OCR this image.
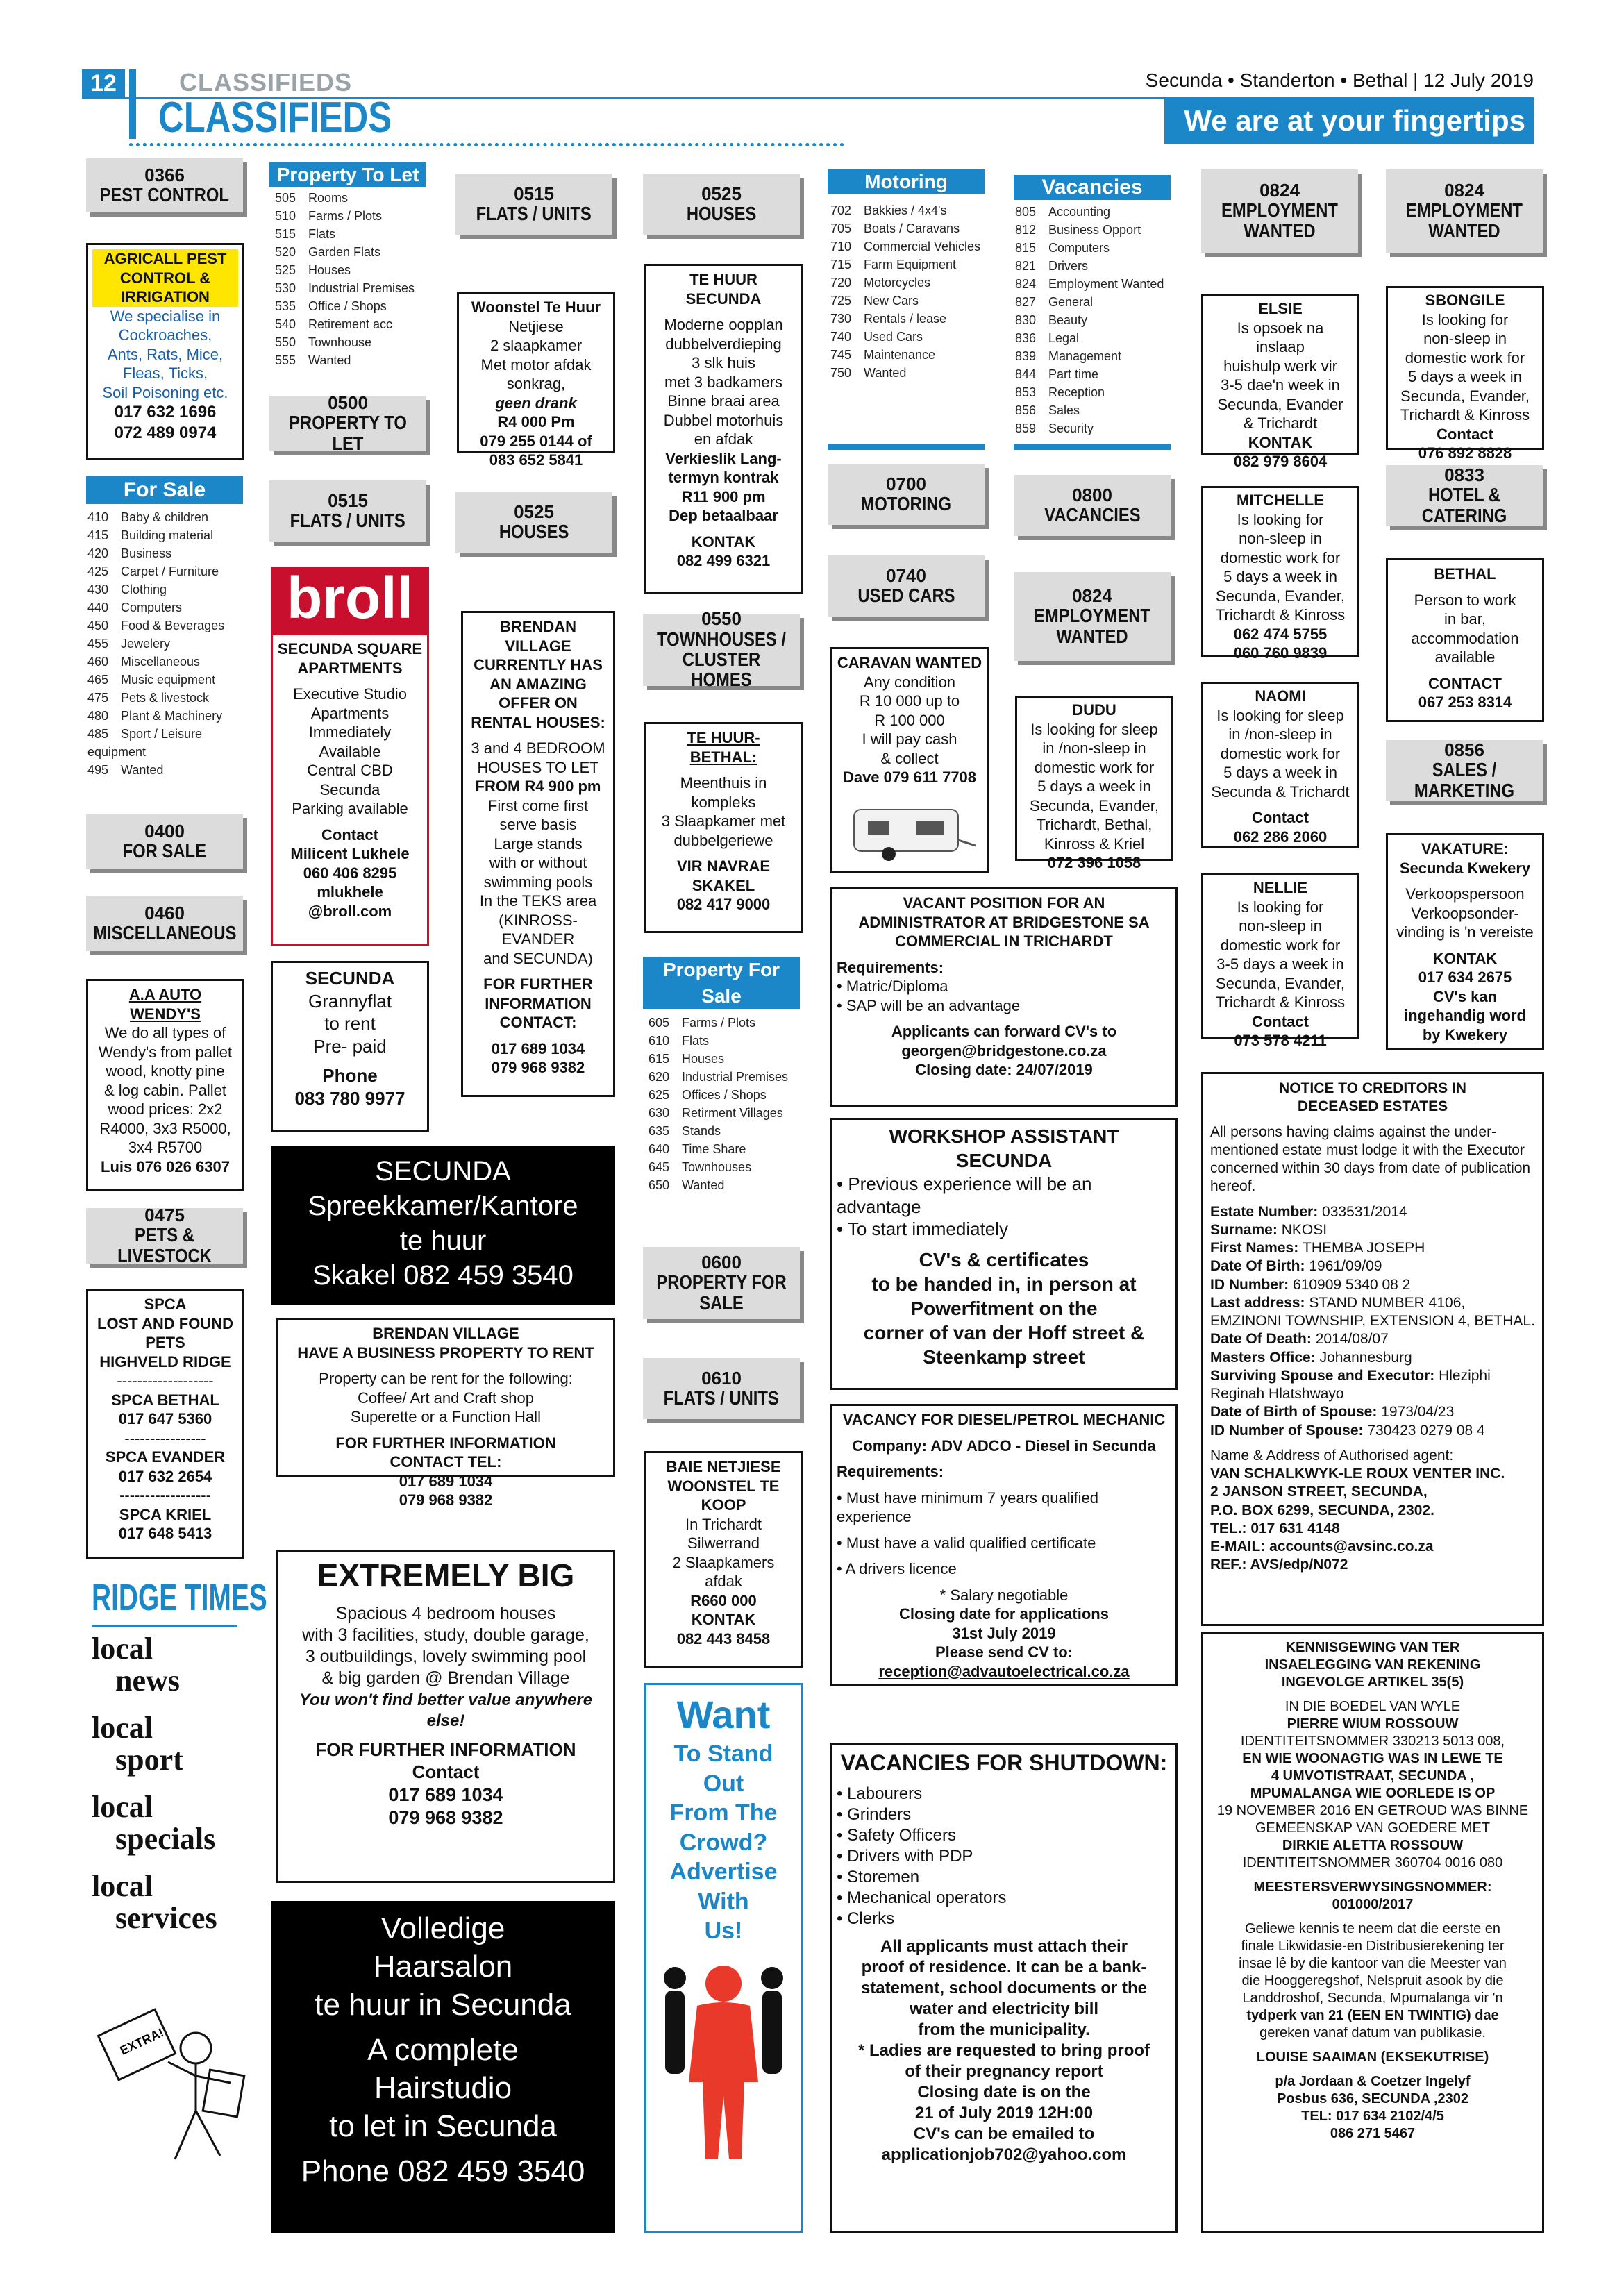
12	CLASSIFIEDS
CLASSIFIEDS
Secunda • Standerton • Bethal | 12 July 2019
We are at your fingertips
0366
PEST CONTROL
AGRICALL PEST
CONTROL &
IRRIGATION
We specialise in
Cockroaches,
Ants, Rats, Mice,
Fleas, Ticks,
Soil Poisoning etc.
017 632 1696
072 489 0974
For Sale
410 Baby & children
415 Building material
420 Business
425 Carpet / Furniture
430 Clothing
440 Computers
450 Food & Beverages
455 Jewelery
460 Miscellaneous
465 Music equipment
475 Pets & livestock
480 Plant & Machinery
485 Sport / Leisure equipment
495 Wanted
0400
FOR SALE
0460
MISCELLANEOUS
A.A AUTO
WENDY'S
We do all types of
Wendy's from pallet
wood, knotty pine
& log cabin. Pallet
wood prices: 2x2
R4000, 3x3 R5000,
3x4 R5700
Luis 076 026 6307
0475
PETS & LIVESTOCK
SPCA
LOST AND FOUND
PETS
HIGHVELD RIDGE
-------------------
SPCA BETHAL
017 647 5360
----------------
SPCA EVANDER
017 632 2654
------------------
SPCA KRIEL
017 648 5413
RIDGE TIMES
local
news
local
sport
local
specials
local
services
EXTRA!
Property To Let
505 Rooms
510 Farms / Plots
515 Flats
520 Garden Flats
525 Houses
530 Industrial Premises
535 Office / Shops
540 Retirement acc
550 Townhouse
555 Wanted
0500
PROPERTY TO LET
0515
FLATS / UNITS
broll
SECUNDA SQUARE
APARTMENTS
Executive Studio
Apartments
Immediately
Available
Central CBD
Secunda
Parking available
Contact
Milicent Lukhele
060 406 8295
mlukhele
@broll.com
SECUNDA
Grannyflat
to rent
Pre- paid
Phone
083 780 9977
SECUNDA
Spreekkamer/Kantore
te huur
Skakel 082 459 3540
BRENDAN VILLAGE
HAVE A BUSINESS PROPERTY TO RENT
Property can be rent for the following:
Coffee/ Art and Craft shop
Superette or a Function Hall
FOR FURTHER INFORMATION
CONTACT TEL:
017 689 1034
079 968 9382
EXTREMELY BIG
Spacious 4 bedroom houses
with 3 facilities, study, double garage,
3 outbuildings, lovely swimming pool
& big garden @ Brendan Village
You won't find better value anywhere else!
FOR FURTHER INFORMATION
Contact
017 689 1034
079 968 9382
Volledige
Haarsalon
te huur in Secunda
A complete
Hairstudio
to let in Secunda
Phone 082 459 3540
0515
FLATS / UNITS
Woonstel Te Huur
Netjiese
2 slaapkamer
Met motor afdak
sonkrag,
geen drank
R4 000 Pm
079 255 0144 of
083 652 5841
0525
HOUSES
BRENDAN
VILLAGE
CURRENTLY HAS
AN AMAZING
OFFER ON
RENTAL HOUSES:
3 and 4 BEDROOM
HOUSES TO LET
FROM R4 900 pm
First come first
serve basis
Large stands
with or without
swimming pools
In the TEKS area
(KINROSS-EVANDER
and SECUNDA)
FOR FURTHER
INFORMATION
CONTACT:
017 689 1034
079 968 9382
0525
HOUSES
TE HUUR
SECUNDA
Moderne oopplan
dubbelverdieping
3 slk huis
met 3 badkamers
Binne braai area
Dubbel motorhuis
en afdak
Verkieslik Lang-
termyn kontrak
R11 900 pm
Dep betaalbaar
KONTAK
082 499 6321
0550
TOWNHOUSES / CLUSTER HOMES
TE HUUR-
BETHAL:
Meenthuis in
kompleks
3 Slaapkamer met
dubbelgeriewe
VIR NAVRAE
SKAKEL
082 417 9000
Property For Sale
605 Farms / Plots
610 Flats
615 Houses
620 Industrial Premises
625 Offices / Shops
630 Retirment Villages
635 Stands
640 Time Share
645 Townhouses
650 Wanted
0600
PROPERTY FOR SALE
0610
FLATS / UNITS
BAIE NETJIESE
WOONSTEL TE
KOOP
In Trichardt
Silwerrand
2 Slaapkamers
afdak
R660 000
KONTAK
082 443 8458
Want
To Stand
Out
From The
Crowd?
Advertise
With
Us!
Motoring
702 Bakkies / 4x4's
705 Boats / Caravans
710 Commercial Vehicles
715 Farm Equipment
720 Motorcycles
725 New Cars
730 Rentals / lease
740 Used Cars
745 Maintenance
750 Wanted
0700
MOTORING
0740
USED CARS
CARAVAN WANTED
Any condition
R 10 000 up to
R 100 000
I will pay cash
& collect
Dave 079 611 7708
VACANT POSITION FOR AN
ADMINISTRATOR AT BRIDGESTONE SA
COMMERCIAL IN TRICHARDT
Requirements:
• Matric/Diploma
• SAP will be an advantage
Applicants can forward CV's to
georgen@bridgestone.co.za
Closing date: 24/07/2019
WORKSHOP ASSISTANT
SECUNDA
• Previous experience will be an
advantage
• To start immediately
CV's & certificates
to be handed in, in person at
Powerfitment on the
corner of van der Hoff street &
Steenkamp street
VACANCY FOR DIESEL/PETROL MECHANIC
Company: ADV ADCO - Diesel in Secunda
Requirements:
• Must have minimum 7 years qualified
experience
• Must have a valid qualified certificate
• A drivers licence
* Salary negotiable
Closing date for applications
31st July 2019
Please send CV to:
reception@advautoelectrical.co.za
VACANCIES FOR SHUTDOWN:
• Labourers
• Grinders
• Safety Officers
• Drivers with PDP
• Storemen
• Mechanical operators
• Clerks
All applicants must attach their
proof of residence. It can be a bank-
statement, school documents or the
water and electricity bill
from the municipality.
* Ladies are requested to bring proof
of their pregnancy report
Closing date is on the
21 of July 2019 12H:00
CV's can be emailed to
applicationjob702@yahoo.com
Vacancies
805 Accounting
812 Business Opport
815 Computers
821 Drivers
824 Employment Wanted
827 General
830 Beauty
836 Legal
839 Management
844 Part time
853 Reception
856 Sales
859 Security
0800
VACANCIES
0824
EMPLOYMENT WANTED
DUDU
Is looking for sleep
in /non-sleep in
domestic work for
5 days a week in
Secunda, Evander,
Trichardt, Bethal,
Kinross & Kriel
072 396 1058
0824
EMPLOYMENT WANTED
ELSIE
Is opsoek na
inslaap
huishulp werk vir
3-5 dae'n week in
Secunda, Evander
& Trichardt
KONTAK
082 979 8604
MITCHELLE
Is looking for
non-sleep in
domestic work for
5 days a week in
Secunda, Evander,
Trichardt & Kinross
062 474 5755
060 760 9839
NAOMI
Is looking for sleep
in /non-sleep in
domestic work for
5 days a week in
Secunda & Trichardt
Contact
062 286 2060
NELLIE
Is looking for
non-sleep in
domestic work for
3-5 days a week in
Secunda, Evander,
Trichardt & Kinross
Contact
073 578 4211
0824
EMPLOYMENT WANTED
SBONGILE
Is looking for
non-sleep in
domestic work for
5 days a week in
Secunda, Evander,
Trichardt & Kinross
Contact
076 892 8828
0833
HOTEL & CATERING
BETHAL
Person to work
in bar,
accommodation
available
CONTACT
067 253 8314
0856
SALES / MARKETING
VAKATURE:
Secunda Kwekery
Verkoopspersoon
Verkoopsonder-
vinding is 'n vereiste
KONTAK
017 634 2675
CV's kan
ingehandig word
by Kwekery
NOTICE TO CREDITORS IN
DECEASED ESTATES
All persons having claims against the under-mentioned estate must lodge it with the Executor concerned within 30 days from date of publication hereof.
Estate Number: 033531/2014
Surname: NKOSI
First Names: THEMBA JOSEPH
Date Of Birth: 1961/09/09
ID Number: 610909 5340 08 2
Last address: STAND NUMBER 4106, EMZINONI TOWNSHIP, EXTENSION 4, BETHAL.
Date Of Death: 2014/08/07
Masters Office: Johannesburg
Surviving Spouse and Executor: Hleziphi Reginah Hlatshwayo
Date of Birth of Spouse: 1973/04/23
ID Number of Spouse: 730423 0279 08 4
Name & Address of Authorised agent:
VAN SCHALKWYK-LE ROUX VENTER INC.
2 JANSON STREET, SECUNDA,
P.O. BOX 6299, SECUNDA, 2302.
TEL.: 017 631 4148
E-MAIL: accounts@avsinc.co.za
REF.: AVS/edp/N072
KENNISGEWING VAN TER
INSAELEGGING VAN REKENING
INGEVOLGE ARTIKEL 35(5)
IN DIE BOEDEL VAN WYLE
PIERRE WIUM ROSSOUW
IDENTITEITSNOMMER 330213 5013 008,
EN WIE WOONAGTIG WAS IN LEWE TE
4 UMVOTISTRAAT, SECUNDA ,
MPUMALANGA WIE OORLEDE IS OP
19 NOVEMBER 2016 EN GETROUD WAS BINNE
GEMEENSKAP VAN GOEDERE MET
DIRKIE ALETTA ROSSOUW
IDENTITEITSNOMMER 360704 0016 080
MEESTERSVERWYSINGSNOMMER:
001000/2017
Geliewe kennis te neem dat die eerste en
finale Likwidasie-en Distribusierekening ter
insae lê by die kantoor van die Meester van
die Hooggeregshof, Nelspruit asook by die
Landdroshof, Secunda, Mpumalanga vir 'n
tydperk van 21 (EEN EN TWINTIG) dae
gereken vanaf datum van publikasie.
LOUISE SAAIMAN (EKSEKUTRISE)
p/a Jordaan & Coetzer Ingelyf
Posbus 636, SECUNDA ,2302
TEL: 017 634 2102/4/5
086 271 5467
